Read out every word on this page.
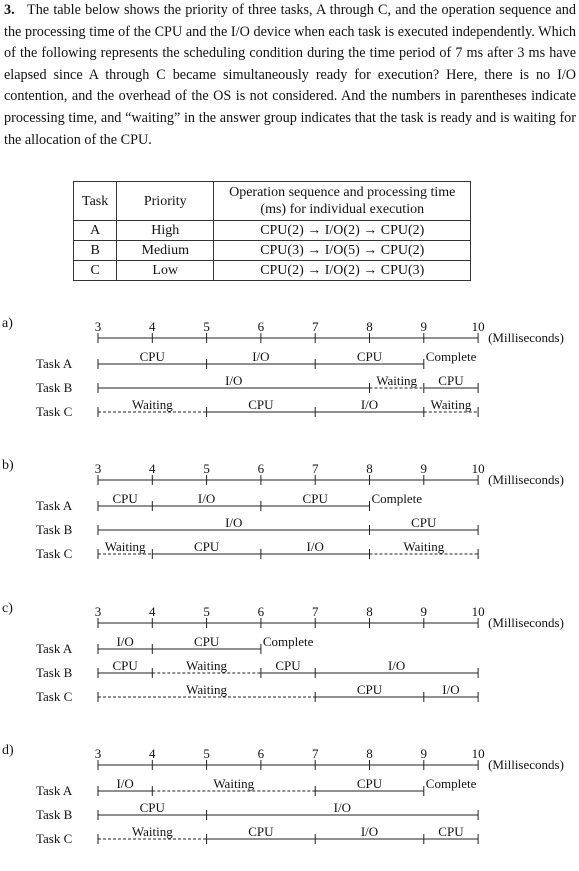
3. The table below shows the priority of three tasks, A through C, and the operation sequence and the processing time of the CPU and the I/O device when each task is executed independently. Which of the following represents the scheduling condition during the time period of 7 ms after 3 ms have elapsed since A through C became simultaneously ready for execution? Here, there is no I/O contention, and the overhead of the OS is not considered. And the numbers in parentheses indicate processing time, and “waiting” in the answer group indicates that the task is ready and is waiting for the allocation of the CPU.
Task	Priority	Operation sequence and processing time (ms) for individual execution
A	High	CPU(2) → I/O(2) → CPU(2)
B	Medium	CPU(3) → I/O(5) → CPU(2)
C	Low	CPU(2) → I/O(2) → CPU(3)
a)
b)
c)
d)
3	4	5	6	7	8	9	10
(Milliseconds)
Task A	CPU	I/O	CPU	Complete
Task B	I/O	Waiting CPU
Task C	Waiting	CPU	I/O	Waiting
3	4	5	6	7	8	9	10
(Milliseconds)
Task A	CPU	I/O	CPU	Complete
Task B	I/O	CPU
Task C Waiting	CPU	I/O	Waiting
3	4	5	6	7	8	9	10
(Milliseconds)
Task A	I/O	CPU	Complete
Task B	CPU	Waiting	CPU	I/O
Task C	Waiting	CPU	I/O
3	4	5	6	7	8	9	10
(Milliseconds)
Task A	I/O	Waiting	CPU	Complete
Task B	CPU	I/O
Task C	Waiting	CPU	I/O	CPU
